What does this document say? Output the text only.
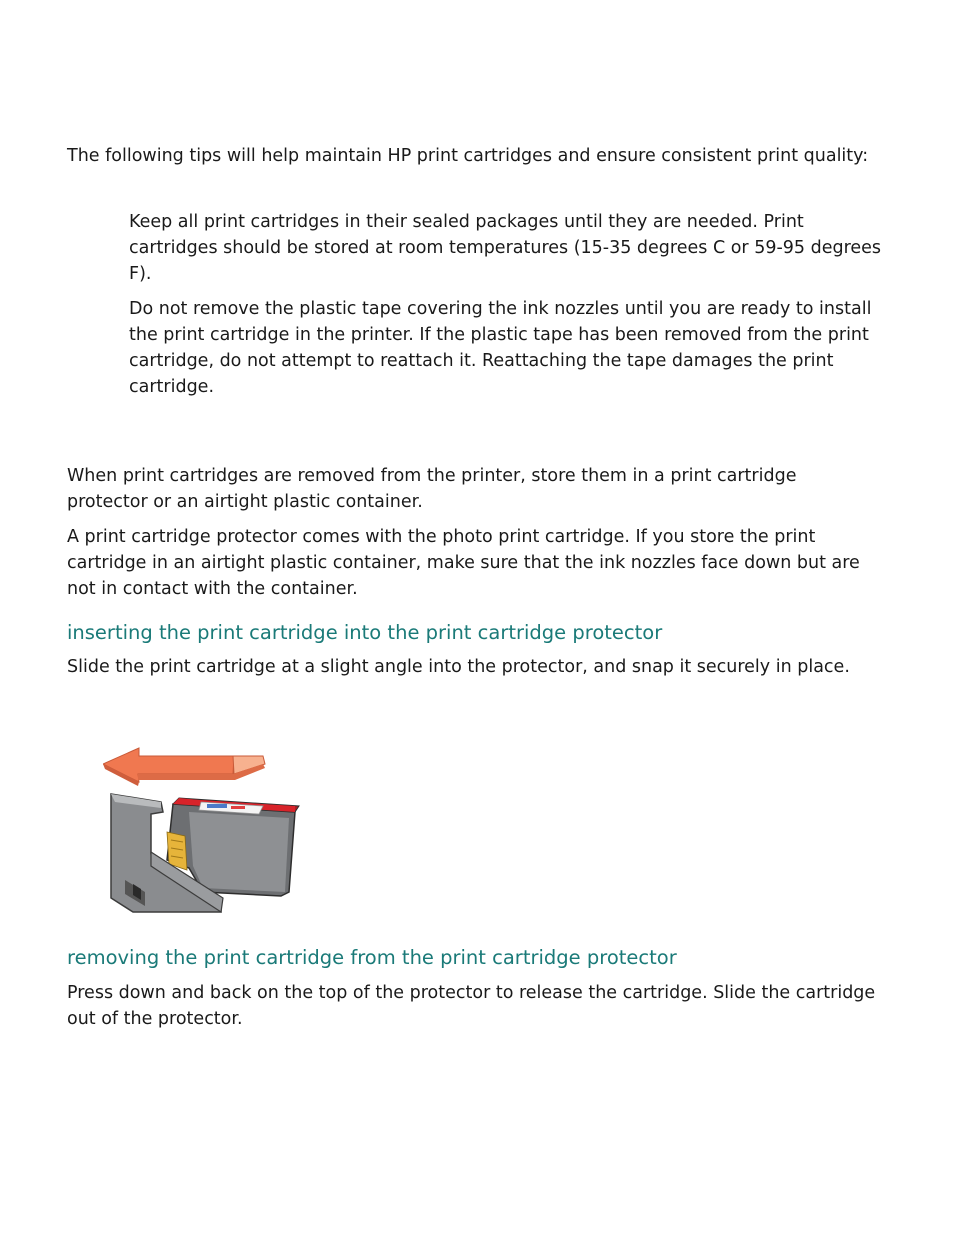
The following tips will help maintain HP print cartridges and ensure consistent print quality:

Keep all print cartridges in their sealed packages until they are needed. Print cartridges should be stored at room temperatures (15-35 degrees C or 59-95 degrees F).

Do not remove the plastic tape covering the ink nozzles until you are ready to install the print cartridge in the printer. If the plastic tape has been removed from the print cartridge, do not attempt to reattach it. Reattaching the tape damages the print cartridge.

When print cartridges are removed from the printer, store them in a print cartridge protector or an airtight plastic container.

A print cartridge protector comes with the photo print cartridge. If you store the print cartridge in an airtight plastic container, make sure that the ink nozzles face down but are not in contact with the container.

inserting the print cartridge into the print cartridge protector

Slide the print cartridge at a slight angle into the protector, and snap it securely in place.

removing the print cartridge from the print cartridge protector

Press down and back on the top of the protector to release the cartridge. Slide the cartridge out of the protector.
